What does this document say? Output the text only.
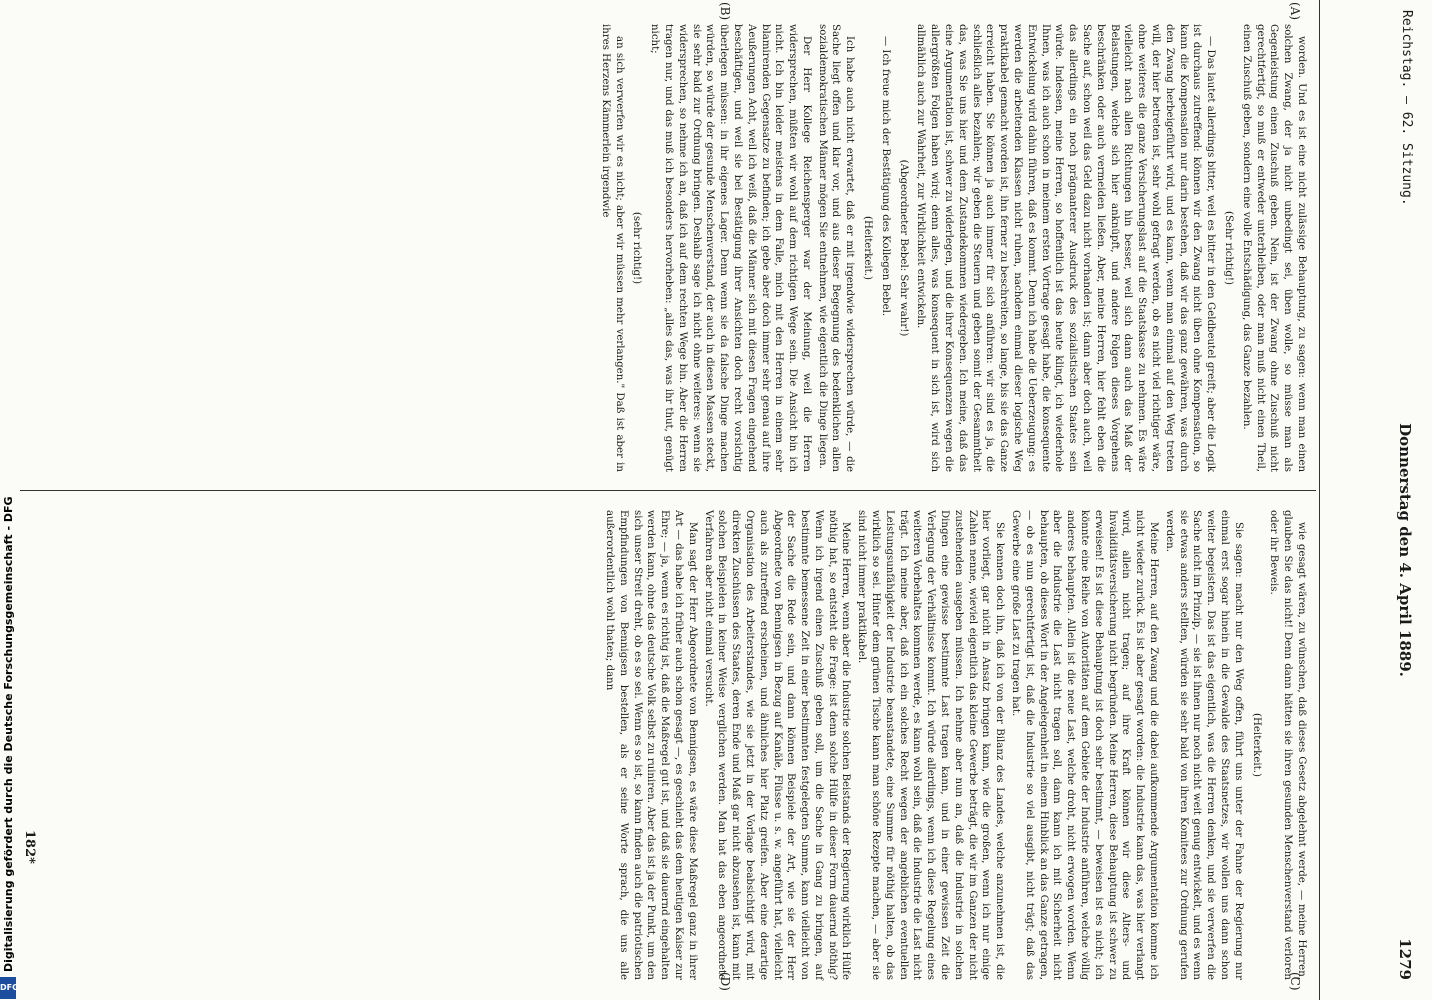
Reichstag. — 62. Sitzung.
Donnerstag den 4. April 1889.
1279
(A)
(B)
(C)
(D)

worden. Und es ist eine nicht zulässige Behauptung, zu sagen: wenn man einen solchen Zwang, der ja nicht unbedingt sei, üben wolle, so müsse man als Gegenleistung einen Zuschuß geben. Nein, ist der Zwang ohne Zuschuß nicht gerechtfertigt, so muß er entweder unterbleiben, oder man muß nicht einen Theil, einen Zuschuß geben, sondern eine volle Entschädigung, das Ganze bezahlen.

(Sehr richtig!)

— Das lautet allerdings bitter, weil es bitter in den Geldbeutel greift; aber die Logik ist durchaus zutreffend: können wir den Zwang nicht üben ohne Kompensation, so kann die Kompensation nur darin bestehen, daß wir das ganz gewähren, was durch den Zwang herbeigeführt wird, und es kann, wenn man einmal auf den Weg treten will, der hier betreten ist, sehr wohl gefragt werden, ob es nicht viel richtiger wäre, ohne weiteres die ganze Versicherungslast auf die Staatskasse zu nehmen. Es wäre vielleicht nach allen Richtungen hin besser, weil sich dann auch das Maß der Belastungen, welche sich hier anknüpft, und andere Folgen dieses Vorgehens beschränken oder auch vermeiden ließen. Aber, meine Herren, hier fehlt eben die Sache auf, schon weil das Geld dazu nicht vorhanden ist; dann aber doch auch, weil das allerdings ein noch prägnanterer Ausdruck des sozialistischen Staates sein würde. Indessen, meine Herren, so hoffentlich ist das heute klingt, ich wiederhole Ihnen, was ich auch schon in meinem ersten Vortrage gesagt habe, die konsequente Entwickelung wird dahin führen, daß es kommt. Denn ich habe die Ueberzeugung: es werden die arbeitenden Klassen nicht ruhen, nachdem einmal dieser logische Weg praktikabel gemacht worden ist, ihn ferner zu beschreiten, so lange, bis sie das Ganze erreicht haben. Sie können ja auch immer für sich anführen: wir sind es ja, die schließlich alles bezahlen; wir geben die Steuern und geben somit der Gesammtheit das, was Sie uns hier und dem Zustandekommen wiedergeben. Ich meine, daß das eine Argumentation ist, schwer zu widerlegen, und die ihrer Konsequenzen wegen die allergrößten Folgen haben wird; denn alles, was konsequent in sich ist, wird sich allmählich auch zur Wahrheit, zur Wirklichkeit entwickeln.

(Abgeordneter Bebel: Sehr wahr!)

— Ich freue mich der Bestätigung des Kollegen Bebel.

(Heiterkeit.)

Ich habe auch nicht erwartet, daß er mit irgendwie widersprechen würde, — die Sache liegt offen und klar vor, und aus dieser Begegnung des bedenklichen allen sozialdemokratischen Männer mögen Sie entnehmen, wie eigentlich die Dinge liegen.

Der Herr Kollege Reichensperger war der Meinung, weil die Herren widersprechen, müßten wir wohl auf dem richtigen Wege sein. Die Ansicht bin ich nicht. Ich bin leider meistens in dem Falle, mich mit den Herren in einem sehr blamirenden Gegensatze zu befinden; ich gebe aber doch immer sehr genau auf ihre Aeußerungen Acht, weil ich weiß, daß die Männer sich mit diesen Fragen eingehend beschäftigen, und weil sie bei Bestätigung ihrer Ansichten doch recht vorsichtig überlegen müssen: in ihr eigenes Lager. Denn wenn sie da falsche Dinge machen würden, so würde der gesunde Menschenverstand, der auch in diesen Massen steckt, sie sehr bald zur Ordnung bringen. Deshalb sage ich nicht ohne weiteres: wenn sie widersprechen, so nehme ich an, daß ich auf dem rechten Wege bin. Aber die Herren tragen nur, und das muß ich besonders hervorheben: „alles das, was ihr thut, genügt nicht;

(sehr richtig!)

an sich verwerfen wir es nicht; aber wir müssen mehr verlangen." Daß ist aber in ihres Herzens Kämmerlein irgendwie

wie gesagt wären, zu wünschen, daß dieses Gesetz abgelehnt werde, — meine Herren, glauben Sie das nicht! Denn dann hätten sie ihren gesunden Menschenverstand verloren oder ihr Beweis.

(Heiterkeit.)

Sie sagen: macht nur den Weg offen, führt uns unter der Fahne der Regierung nur einmal erst sogar hinein in die Gewalde des Staatsnetzes, wir wollen uns dann schon weiter begeistern. Das ist das eigentlich, was die Herren denken, und sie verwerfen die Sache nicht im Prinzip, — sie ist ihnen nur noch nicht weit genug entwickelt, und es wenn sie etwas anders stellten, würden sie sehr bald von ihren Komitees zur Ordnung gerufen werden.

Meine Herren, auf den Zwang und die dabei aufkommende Argumentation komme ich nicht wieder zurück. Es ist aber gesagt worden: die Industrie kann das, was hier verlangt wird, allein nicht tragen; auf ihre Kraft können wir diese Alters- und Invaliditätsversicherung nicht begründen. Meine Herren, diese Behauptung ist schwer zu erweisen! Es ist diese Behauptung ist doch sehr bestimmt, — beweisen ist es nicht; ich könnte eine Reihe von Autoritäten auf dem Gebiete der Industrie anführen, welche völlig anderes behaupten. Allein ist die neue Last, welche droht, nicht erwogen worden. Wenn aber die Industrie die Last nicht tragen soll, dann kann ich mit Sicherheit nicht behaupten, ob dieses Wort in der Angelegenheit in einem Hinblick an das Ganze getragen, — ob es nun gerechtfertigt ist, daß die Industrie so viel ausgibt, nicht trägt; daß das Gewerbe eine große Last zu tragen hat.

Sie kennen doch ihn, daß ich von der Bilanz des Landes, welche anzunehmen ist, die hier vorliegt, gar nicht in Ansatz bringen kann, wie die großen, wenn ich nur einige Zahlen nenne, wieviel eigentlich das kleine Gewerbe beträgt, die wir im Ganzen der nicht zustehenden ausgeben müssen. Ich nehme aber nun an, daß die Industrie in solchen Dingen eine gewisse bestimmte Last tragen kann, und in einer gewissen Zeit die Verlegung der Verhältnisse kommt. Ich würde allerdings, wenn ich diese Regelung eines weiteren Vorbehaltes kommen werde, es kann wohl sein, daß die Industrie die Last nicht trägt. Ich meine aber, daß ich ein solches Recht wegen der angeblichen eventuellen Leistungsunfähigkeit der Industrie beanstandete, eine Summe für nöthig halten, ob das wirklich so sei. Hinter dem grünen Tische kann man schöne Rezepte machen, — aber sie sind nicht immer praktikabel.

Meine Herren, wenn aber die Industrie solchen Beistands der Regierung wirklich Hülfe nöthig hat, so entsteht die Frage: ist denn solche Hülfe in dieser Form dauernd nöthig? Wenn ich irgend einen Zuschuß geben soll, um die Sache in Gang zu bringen, auf bestimmte bemessene Zeit in einer bestimmten festgelegten Summe, kann vielleicht von der Sache die Rede sein, und dann können Beispiele der Art, wie sie der Herr Abgeordnete von Bennigsen in Bezug auf Kanäle, Flüsse u. s. w. angeführt hat, vielleicht auch als zutreffend erscheinen, und ähnliches hier Platz greifen. Aber eine derartige Organisation des Arbeiterstandes, wie sie jetzt in der Vorlage beabsichtigt wird, mit direkten Zuschüssen des Staates, deren Ende und Maß gar nicht abzusehen ist, kann mit solchen Beispielen in keiner Weise verglichen werden. Man hat das eben angeordnete Verfahren aber nicht einmal versucht.

Man sagt der Herr Abgeordnete von Bennigsen, es wäre diese Maßregel ganz in ihrer Art — das habe ich früher auch schon gesagt —, es geschieht das dem heutigen Kaiser zur Ehre; — ja, wenn es richtig ist, daß die Maßregel gut ist, und daß sie dauernd eingehalten werden kann, ohne das deutsche Volk selbst zu ruiniren. Aber das ist ja der Punkt, um den sich unser Streit dreht, ob es so sei. Wenn es so ist, so kann finden auch die patriotischen Empfindungen von Bennigsen bestellen, als er seine Worte sprach, die uns alle außerordentlich wohl thaten; dann

182*
Digitalisierung gefördert durch die Deutsche Forschungsgemeinschaft - DFG
DFG
